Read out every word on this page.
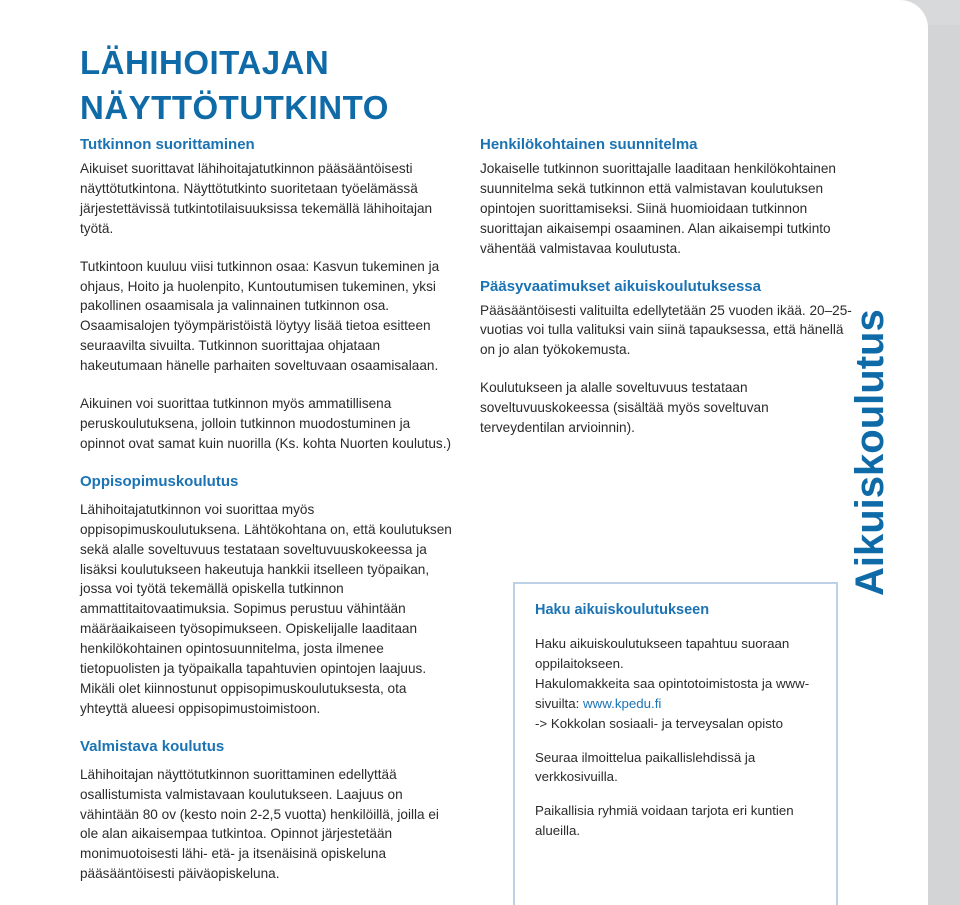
LÄHIHOITAJAN
NÄYTTÖTUTKINTO
Tutkinnon suorittaminen

Aikuiset suorittavat lähihoitajatutkinnon pääsääntöisesti näyttötutkintona. Näyttötutkinto suoritetaan työelämässä järjestettävissä tutkintotilaisuuksissa tekemällä lähihoitajan työtä.

Tutkintoon kuuluu viisi tutkinnon osaa: Kasvun tukeminen ja ohjaus, Hoito ja huolenpito, Kuntoutumisen tukeminen, yksi pakollinen osaamisala ja valinnainen tutkinnon osa. Osaamisalojen työympäristöistä löytyy lisää tietoa esitteen seuraavilta sivuilta. Tutkinnon suorittajaa ohjataan hakeutumaan hänelle parhaiten soveltuvaan osaamisalaan.

Aikuinen voi suorittaa tutkinnon myös ammatillisena peruskoulutuksena, jolloin tutkinnon muodostuminen ja opinnot ovat samat kuin nuorilla (Ks. kohta Nuorten koulutus.)

Oppisopimuskoulutus

Lähihoitajatutkinnon voi suorittaa myös oppisopimuskoulutuksena. Lähtökohtana on, että koulutuksen sekä alalle soveltuvuus testataan soveltuvuuskokeessa ja lisäksi koulutukseen hakeutuja hankkii itselleen työpaikan, jossa voi työtä tekemällä opiskella tutkinnon ammattitaitovaatimuksia. Sopimus perustuu vähintään määräaikaiseen työsopimukseen. Opiskelijalle laaditaan henkilökohtainen opintosuunnitelma, josta ilmenee tietopuolisten ja työpaikalla tapahtuvien opintojen laajuus. Mikäli olet kiinnostunut oppisopimuskoulutuksesta, ota yhteyttä alueesi oppisopimustoimistoon.

Valmistava koulutus

Lähihoitajan näyttötutkinnon suorittaminen edellyttää osallistumista valmistavaan koulutukseen. Laajuus on vähintään 80 ov (kesto noin 2-2,5 vuotta) henkilöillä, joilla ei ole alan aikaisempaa tutkintoa. Opinnot järjestetään monimuotoisesti lähi- etä- ja itsenäisinä opiskeluna pääsääntöisesti päiväopiskeluna.

Henkilökohtainen suunnitelma

Jokaiselle tutkinnon suorittajalle laaditaan henkilökohtainen suunnitelma sekä tutkinnon että valmistavan koulutuksen opintojen suorittamiseksi. Siinä huomioidaan tutkinnon suorittajan aikaisempi osaaminen. Alan aikaisempi tutkinto vähentää valmistavaa koulutusta.

Pääsyvaatimukset aikuiskoulutuksessa

Pääsääntöisesti valituilta edellytetään 25 vuoden ikää. 20–25-vuotias voi tulla valituksi vain siinä tapauksessa, että hänellä on jo alan työkokemusta.

Koulutukseen ja alalle soveltuvuus testataan soveltuvuuskokeessa (sisältää myös soveltuvan terveydentilan arvioinnin).

Haku aikuiskoulutukseen

Haku aikuiskoulutukseen tapahtuu suoraan oppilaitokseen.
Hakulomakkeita saa opintotoimistosta ja www-sivuilta: www.kpedu.fi
-> Kokkolan sosiaali- ja terveysalan opisto

Seuraa ilmoittelua paikallislehdissä ja verkkosivuilla.

Paikallisia ryhmiä voidaan tarjota eri kuntien alueilla.

Aikuiskoulutus
